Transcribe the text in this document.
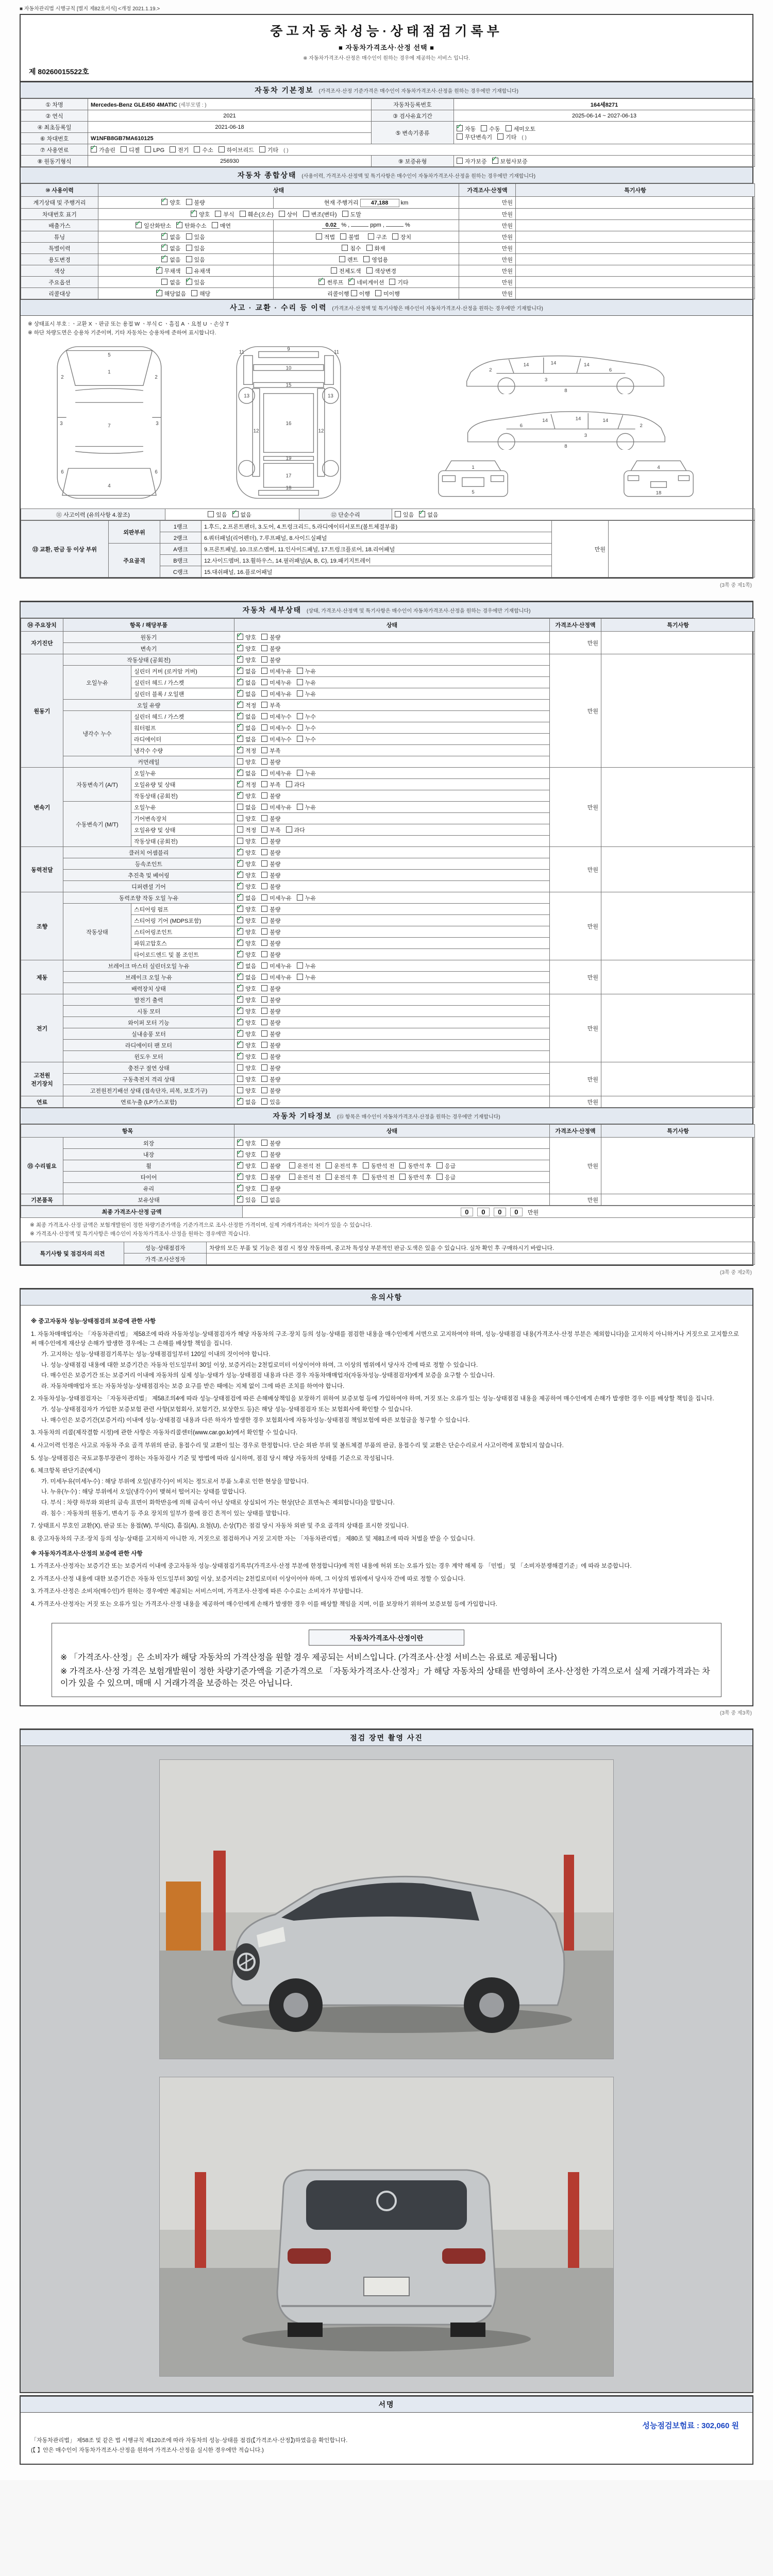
■ 자동차관리법 시행규칙 [별지 제82호서식] <개정 2021.1.19.>
중고자동차성능·상태점검기록부
■ 자동차가격조사·산정 선택 ■
※ 자동차가격조사·산정은 매수인이 원하는 경우에 제공하는 서비스 입니다.
제 80260015522호
자동차 기본정보 (가격조사·산정 기준가격은 매수인이 자동차가격조사·산정을 원하는 경우에만 기재합니다)
① 차명	Mercedes-Benz GLE450 4MATIC (세부모델 : )	자동차등록번호	164세8271
② 연식	2021	③ 검사유효기간	2025-06-14 ~ 2027-06-13
④ 최초등록일	2021-06-18	⑤ 변속기종류	✓자동 수동 세미오토
무단변속기 기타 ( )
⑥ 차대번호	W1NFB8GB7MA610125		
⑦ 사용연료	✓가솔린 디젤 LPG 전기 수소 하이브리드 기타 ( )
⑧ 원동기형식	256930	⑨ 보증유형	자가보증 ✓ 보험사보증
자동차 종합상태 (사용이력, 가격조사·산정액 및 특기사항은 매수인이 자동차가격조사·산정을 원하는 경우에만 기재합니다)
⑩ 사용이력	상태		가격조사·산정액	특기사항
계기상태 및 주행거리	✓양호 불량	현재 주행거리 47,188 km	만원	
차대번호 표기	✓양호 부식 훼손(오손) 상이 변조(변타) 도말		만원	
배출가스	✓일산화탄소 ✓ 탄화수소 매연	0.02 % , ppm , %	만원	
튜닝	✓없음 있음	적법 불법 구조 장치	만원	
특별이력	✓없음 있음	침수 화재	만원	
용도변경	✓없음 있음	렌트 영업용	만원	
색상	✓무채색 유채색	전체도색 색상변경	만원	
주요옵션	없음 ✓ 있음	✓썬루프 ✓ 네비게이션 기타	만원	
리콜대상	✓해당없음 해당	리콜이행 이행 미이행	만원	
사고 · 교환 · 수리 등 이력 (가격조사·산정액 및 특기사항은 매수인이 자동차가격조사·산정을 원하는 경우에만 기재합니다)
※ 상태표시 부호 : ㆍ교환 X ㆍ판금 또는 용접 W ㆍ부식 C ㆍ흠집 A ㆍ요철 U ㆍ손상 T
※ 하단 차량도면은 승용차 기준이며, 기타 자동차는 승용차에 준하여 표시합니다.
5
1
2	2
3	3
7
6	6
4
9
10
11	11
13	13
12	12
15
16
19
17
18
2
14	14	14
3
6
8
2
14
14
14
3
6
8
1
5
4
18
⑪ 사고이력 (유의사항 4.참조)	있음 ✓ 없음	⑫ 단순수리	있음 ✓ 없음
⑬ 교환, 판금 등 이상 부위	외판부위	1랭크	1.후드, 2.프론트펜더, 3.도어, 4.트렁크리드, 5.라디에이터서포트(볼트체결부품)	만원	
		2랭크	6.쿼터패널(리어펜더), 7.루프패널, 8.사이드실패널		
	주요골격	A랭크	9.프론트패널, 10.크로스멤버, 11.인사이드패널, 17.트렁크플로어, 18.리어패널		
		B랭크	12.사이드멤버, 13.휠하우스, 14.필러패널(A, B, C), 19.패키지트레이		
		C랭크	15.대쉬패널, 16.플로어패널		
(3쪽 중 제1쪽)
자동차 세부상태 (상태, 가격조사·산정액 및 특기사항은 매수인이 자동차가격조사·산정을 원하는 경우에만 기재합니다)
⑭ 주요장치	항목 / 해당부품		상태	가격조사·산정액	특기사항
자기진단	원동기	✓양호 불량	만원	
	변속기	✓양호 불량
원동기	작동상태 (공회전)	✓양호 불량	만원	
	오일누유	실린더 커버 (로커암 커버)	✓없음 미세누유 누유
		실린더 헤드 / 가스켓	✓없음 미세누유 누유
		실린더 블록 / 오일팬	✓없음 미세누유 누유
	오일 유량	✓적정 부족
	냉각수 누수	실린더 헤드 / 가스켓	✓없음 미세누수 누수
		워터펌프	✓없음 미세누수 누수
		라디에이터	✓없음 미세누수 누수
		냉각수 수량	✓적정 부족
	커먼레일		양호 불량		
변속기	자동변속기 (A/T)	오일누유	✓없음 미세누유 누유	만원	
		오일유량 및 상태	✓적정 부족 과다
		작동상태 (공회전)	✓양호 불량
	수동변속기 (M/T)	오일누유	없음 미세누유 누유		
		기어변속장치	양호 불량		
		오일유량 및 상태	적정 부족 과다		
		작동상태 (공회전)	양호 불량		
동력전달	클러치 어셈블리	✓양호 불량	만원	
	등속조인트	✓양호 불량
	추진축 및 베어링	✓양호 불량
	디퍼렌셜 기어	✓양호 불량
조향	동력조향 작동 오일 누유	✓없음 미세누유 누유	만원	
	작동상태	스티어링 펌프	✓양호 불량
		스티어링 기어 (MDPS포함)	✓양호 불량
		스티어링조인트	✓양호 불량
		파워고압호스	✓양호 불량
		타이로드엔드 및 볼 조인트	✓양호 불량
제동	브레이크 마스터 실린더오일 누유	✓없음 미세누유 누유	만원	
	브레이크 오일 누유	✓없음 미세누유 누유
	배력장치 상태	✓양호 불량
전기	발전기 출력	✓양호 불량	만원	
	시동 모터	✓양호 불량
	와이퍼 모터 기능	✓양호 불량
	실내송풍 모터	✓양호 불량
	라디에이터 팬 모터	✓양호 불량
	윈도우 모터	✓양호 불량
고전원 전기장치	충전구 절연 상태		양호 불량	만원	
	구동축전지 격리 상태		양호 불량		
	고전원전기배선 상태 (접속단자, 피복, 보호기구)		양호 불량		
연료	연료누출 (LP가스포함)	✓없음 있음	만원	
자동차 기타정보 (⑮ 항목은 매수인이 자동차가격조사·산정을 원하는 경우에만 기재합니다)
항목		상태	가격조사·산정액	특기사항
⑮ 수리필요	외장	✓양호 불량	만원	
	내장	✓양호 불량
	휠	✓양호 불량 운전석 전 운전석 후 동반석 전 동반석 후 응급
	타이어	✓양호 불량 운전석 전 운전석 후 동반석 전 동반석 후 응급
	유리	✓양호 불량
기본품목	보유상태	✓있음 없음	만원	
최종 가격조사·산정 금액	0 0 0 0  만원
※ 최종 가격조사·산정 금액은 보험개발원이 정한 차량기준가액을 기준가격으로 조사·산정한 가격이며, 실제 거래가격과는 차이가 있을 수 있습니다.
※ 가격조사·산정액 및 특기사항은 매수인이 자동차가격조사·산정을 원하는 경우에만 적습니다.
특기사항 및 점검자의 의견	성능·상태점검자	차량의 모든 부품 및 기능은 점검 시 정상 작동하며, 중고차 특성상 부분적인 판금·도색은 있을 수 있습니다. 실차 확인 후 구매하시기 바랍니다.
	가격·조사산정자	
(3쪽 중 제2쪽)
유의사항
※ 중고자동차 성능·상태점검의 보증에 관한 사항
1. 자동차매매업자는 「자동차관리법」 제58조에 따라 자동차성능·상태점검자가 해당 자동차의 구조·장치 등의 성능·상태를 점검한 내용을 매수인에게 서면으로 고지하여야 하며, 성능·상태점검 내용(가격조사·산정 부분은 제외합니다)을 고지하지 아니하거나 거짓으로 고지함으로써 매수인에게 재산상 손해가 발생한 경우에는 그 손해를 배상할 책임을 집니다.
가. 고지하는 성능·상태점검기록부는 성능·상태점검일부터 120일 이내의 것이어야 합니다.
나. 성능·상태점검 내용에 대한 보증기간은 자동차 인도일부터 30일 이상, 보증거리는 2천킬로미터 이상이어야 하며, 그 이상의 범위에서 당사자 간에 따로 정할 수 있습니다.
다. 매수인은 보증기간 또는 보증거리 이내에 자동차의 실제 성능·상태가 성능·상태점검 내용과 다른 경우 자동차매매업자(자동차성능·상태점검자)에게 보증을 요구할 수 있습니다.
라. 자동차매매업자 또는 자동차성능·상태점검자는 보증 요구를 받은 때에는 지체 없이 그에 따른 조치를 하여야 합니다.
2. 자동차성능·상태점검자는 「자동차관리법」 제58조의4에 따라 성능·상태점검에 따른 손해배상책임을 보장하기 위하여 보증보험 등에 가입하여야 하며, 거짓 또는 오류가 있는 성능·상태점검 내용을 제공하여 매수인에게 손해가 발생한 경우 이를 배상할 책임을 집니다.
가. 성능·상태점검자가 가입한 보증보험 관련 사항(보험회사, 보험기간, 보상한도 등)은 해당 성능·상태점검자 또는 보험회사에 확인할 수 있습니다.
나. 매수인은 보증기간(보증거리) 이내에 성능·상태점검 내용과 다른 하자가 발생한 경우 보험회사에 자동차성능·상태점검 책임보험에 따른 보험금을 청구할 수 있습니다.
3. 자동차의 리콜(제작결함 시정)에 관한 사항은 자동차리콜센터(www.car.go.kr)에서 확인할 수 있습니다.
4. 사고이력 인정은 사고로 자동차 주요 골격 부위의 판금, 용접수리 및 교환이 있는 경우로 한정합니다. 단순 외판 부위 및 볼트체결 부품의 판금, 용접수리 및 교환은 단순수리로서 사고이력에 포함되지 않습니다.
5. 성능·상태점검은 국토교통부장관이 정하는 자동차검사 기준 및 방법에 따라 실시하며, 점검 당시 해당 자동차의 상태를 기준으로 작성됩니다.
6. 체크항목 판단기준(예시)
가. 미세누유(미세누수) : 해당 부위에 오일(냉각수)이 비치는 정도로서 부품 노후로 인한 현상을 말합니다.
나. 누유(누수) : 해당 부위에서 오일(냉각수)이 맺혀서 떨어지는 상태를 말합니다.
다. 부식 : 차량 하부와 외판의 금속 표면이 화학반응에 의해 금속이 아닌 상태로 상실되어 가는 현상(단순 표면녹은 제외합니다)을 말합니다.
라. 침수 : 자동차의 원동기, 변속기 등 주요 장치의 일부가 물에 잠긴 흔적이 있는 상태를 말합니다.
7. 상태표시 부호인 교환(X), 판금 또는 용접(W), 부식(C), 흠집(A), 요철(U), 손상(T)은 점검 당시 자동차 외판 및 주요 골격의 상태를 표시한 것입니다.
8. 중고자동차의 구조·장치 등의 성능·상태를 고지하지 아니한 자, 거짓으로 점검하거나 거짓 고지한 자는 「자동차관리법」 제80조 및 제81조에 따라 처벌을 받을 수 있습니다.
※ 자동차가격조사·산정의 보증에 관한 사항
1. 가격조사·산정자는 보증기간 또는 보증거리 이내에 중고자동차 성능·상태점검기록부(가격조사·산정 부분에 한정합니다)에 적힌 내용에 허위 또는 오류가 있는 경우 계약 해제 등 「민법」 및 「소비자분쟁해결기준」에 따라 보증합니다.
2. 가격조사·산정 내용에 대한 보증기간은 자동차 인도일부터 30일 이상, 보증거리는 2천킬로미터 이상이어야 하며, 그 이상의 범위에서 당사자 간에 따로 정할 수 있습니다.
3. 가격조사·산정은 소비자(매수인)가 원하는 경우에만 제공되는 서비스이며, 가격조사·산정에 따른 수수료는 소비자가 부담합니다.
4. 가격조사·산정자는 거짓 또는 오류가 있는 가격조사·산정 내용을 제공하여 매수인에게 손해가 발생한 경우 이를 배상할 책임을 지며, 이를 보장하기 위하여 보증보험 등에 가입합니다.
자동차가격조사·산정이란
※ 「가격조사·산정」은 소비자가 해당 자동차의 가격산정을 원할 경우 제공되는 서비스입니다. (가격조사·산정 서비스는 유료로 제공됩니다)
※ 가격조사·산정 가격은 보험개발원이 정한 차량기준가액을 기준가격으로 「자동차가격조사·산정자」가 해당 자동차의 상태를 반영하여 조사·산정한 가격으로서 실제 거래가격과는 차이가 있을 수 있으며, 매매 시 거래가격을 보증하는 것은 아닙니다.
(3쪽 중 제3쪽)
점검 장면 촬영 사진
서명
성능점검보험료 : 302,060 원
「자동차관리법」 제58조 및 같은 법 시행규칙 제120조에 따라 자동차의 성능·상태를 점검(【가격조사·산정】)하였음을 확인합니다.
(【 】안은 매수인이 자동차가격조사·산정을 원하여 가격조사·산정을 실시한 경우에만 적습니다.)
